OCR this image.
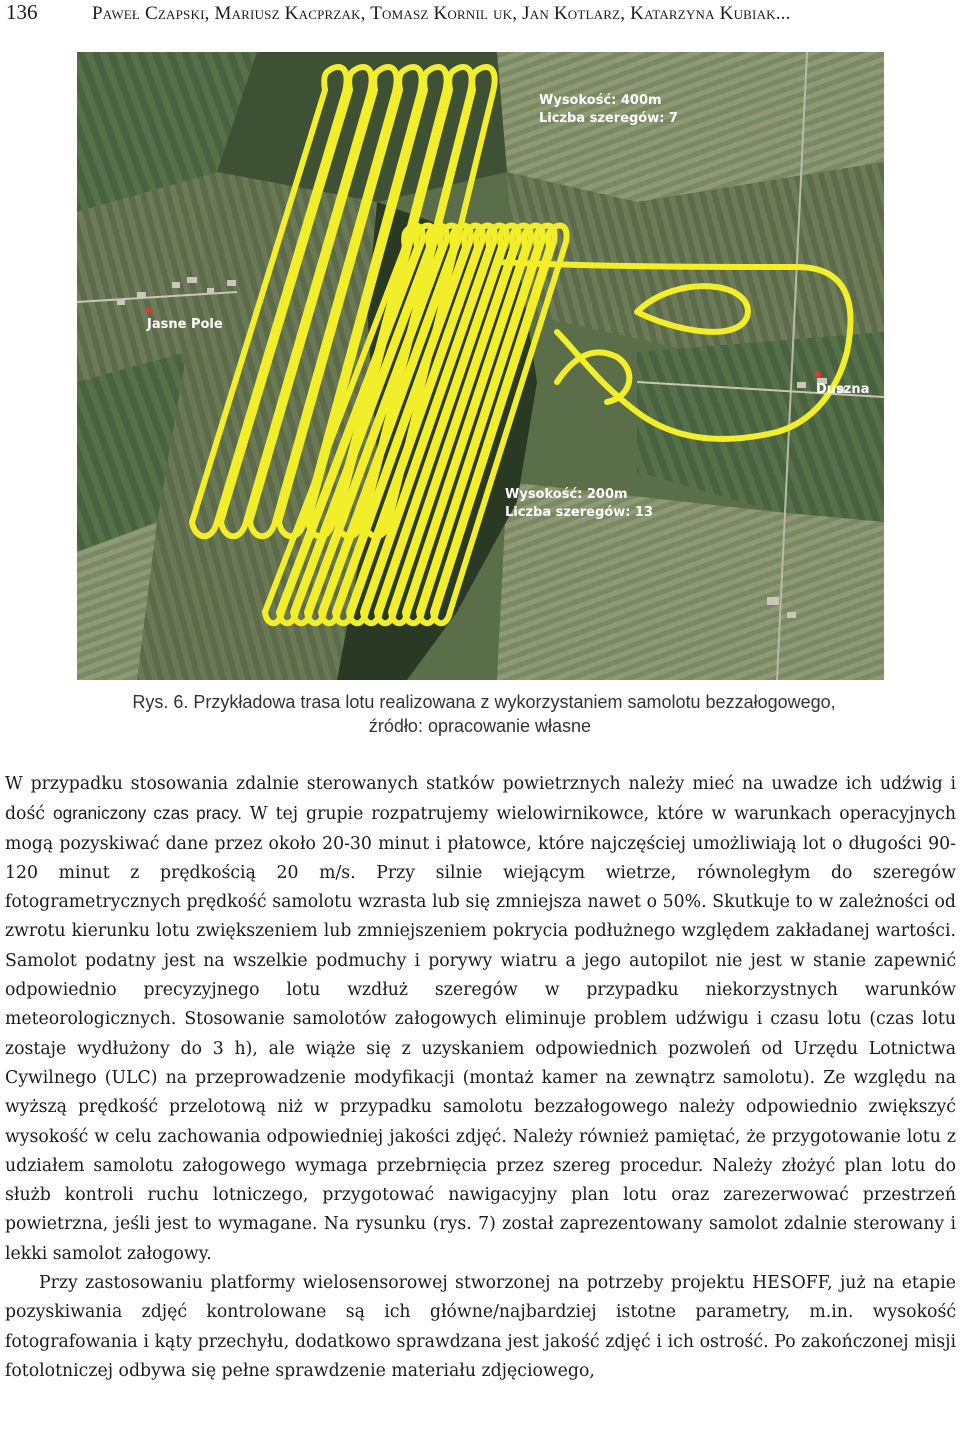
136	Paweł Czapski, Mariusz Kacprzak, Tomasz Kornil uk, Jan Kotlarz, Katarzyna Kubiak...
Wysokość: 400m
Liczba szeregów: 7
Wysokość: 200m
Liczba szeregów: 13
Jasne Pole
Duszna
Rys. 6. Przykładowa trasa lotu realizowana z wykorzystaniem samolotu bezzałogowego,
źródło: opracowanie własne

W przypadku stosowania zdalnie sterowanych statków powietrznych należy mieć na uwadze ich udźwig i dość ograniczony czas pracy. W tej grupie rozpatrujemy wielowirnikowce, które w warunkach operacyjnych mogą pozyskiwać dane przez około 20-30 minut i płatowce, które najczęściej umożliwiają lot o długości 90-120 minut z prędkością 20 m/s. Przy silnie wiejącym wietrze, równoległym do szeregów fotogrametrycznych prędkość samolotu wzrasta lub się zmniejsza nawet o 50%. Skutkuje to w zależności od zwrotu kierunku lotu zwiększeniem lub zmniejszeniem pokrycia podłużnego względem zakładanej wartości. Samolot podatny jest na wszelkie podmuchy i porywy wiatru a jego autopilot nie jest w stanie zapewnić odpowiednio precyzyjnego lotu wzdłuż szeregów w przypadku niekorzystnych warunków meteorologicznych. Stosowanie samolotów załogowych eliminuje problem udźwigu i czasu lotu (czas lotu zostaje wydłużony do 3 h), ale wiąże się z uzyskaniem odpowiednich pozwoleń od Urzędu Lotnictwa Cywilnego (ULC) na przeprowadzenie modyfikacji (montaż kamer na zewnątrz samolotu). Ze względu na wyższą prędkość przelotową niż w przypadku samolotu bezzałogowego należy odpowiednio zwiększyć wysokość w celu zachowania odpowiedniej jakości zdjęć. Należy również pamiętać, że przygotowanie lotu z udziałem samolotu załogowego wymaga przebrnięcia przez szereg procedur. Należy złożyć plan lotu do służb kontroli ruchu lotniczego, przygotować nawigacyjny plan lotu oraz zarezerwować przestrzeń powietrzna, jeśli jest to wymagane. Na rysunku (rys. 7) został zaprezentowany samolot zdalnie sterowany i lekki samolot załogowy.

Przy zastosowaniu platformy wielosensorowej stworzonej na potrzeby projektu HESOFF, już na etapie pozyskiwania zdjęć kontrolowane są ich główne/najbardziej istotne parametry, m.in. wysokość fotografowania i kąty przechyłu, dodatkowo sprawdzana jest jakość zdjęć i ich ostrość. Po zakończonej misji fotolotniczej odbywa się pełne sprawdzenie materiału zdjęciowego,
